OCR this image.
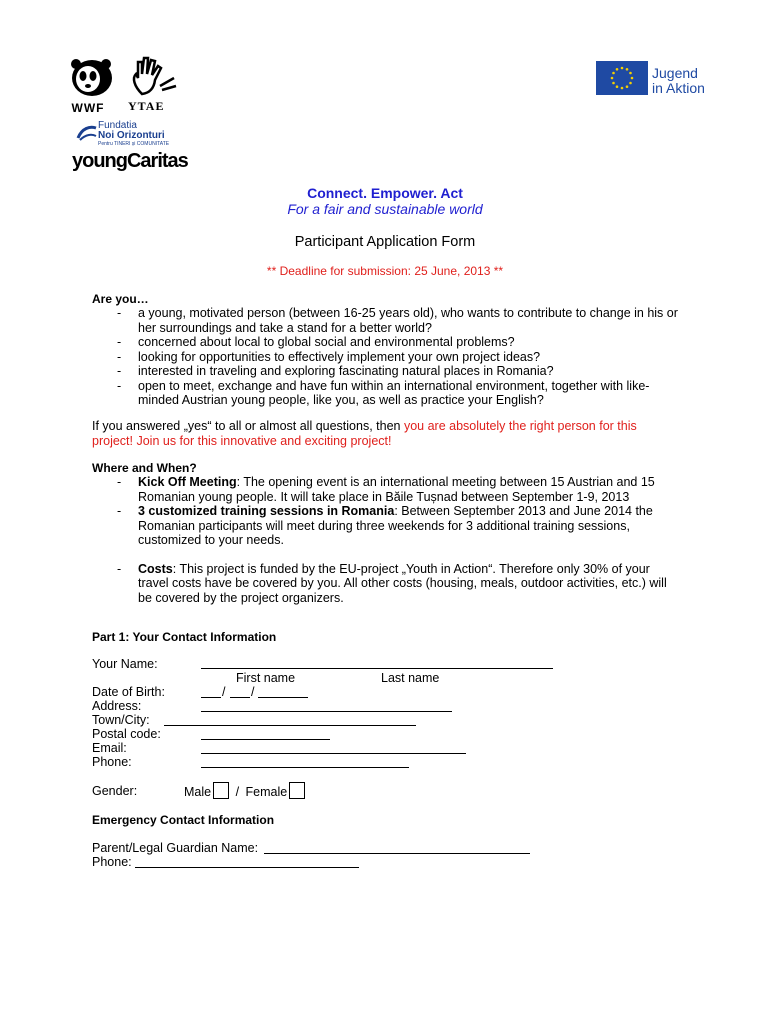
WWF	YTAE
Fundatia
Noi Orizonturi
Pentru TINERI și COMUNITATE
youngCaritas
Jugend
in Aktion
Connect. Empower. Act
For a fair and sustainable world
Participant Application Form
** Deadline for submission: 25 June, 2013 **
Are you…
- a young, motivated person (between 16-25 years old), who wants to contribute to change in his or her surroundings and take a stand for a better world?
- concerned about local to global social and environmental problems?
- looking for opportunities to effectively implement your own project ideas?
- interested in traveling and exploring fascinating natural places in Romania?
- open to meet, exchange and have fun within an international environment, together with like-minded Austrian young people, like you, as well as practice your English?
If you answered „yes“ to all or almost all questions, then you are absolutely the right person for this project! Join us for this innovative and exciting project!
Where and When?
- Kick Off Meeting: The opening event is an international meeting between 15 Austrian and 15 Romanian young people. It will take place in Băile Tușnad between September 1-9, 2013
- 3 customized training sessions in Romania: Between September 2013 and June 2014 the Romanian participants will meet during three weekends for 3 additional training sessions, customized to your needs.
- Costs: This project is funded by the EU-project „Youth in Action“. Therefore only 30% of your travel costs have be covered by you. All other costs (housing, meals, outdoor activities, etc.) will be covered by the project organizers.
Part 1: Your Contact Information
Your Name:
First name	Last name
Date of Birth:	/ /
Address:
Town/City:
Postal code:
Email:
Phone:
Gender:	Male / Female
Emergency Contact Information
Parent/Legal Guardian Name:
Phone:
